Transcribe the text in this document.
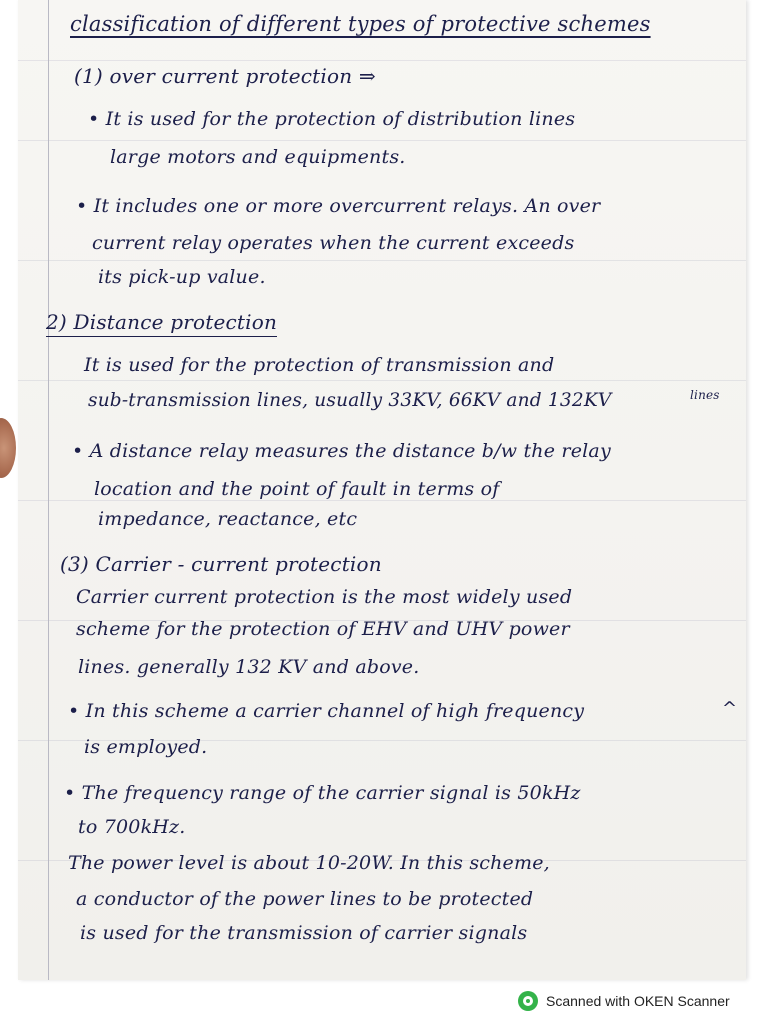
classification of different types of protective schemes
(1) over current protection ⇒
• It is used for the protection of distribution lines
large motors and equipments.
• It includes one or more overcurrent relays. An over
current relay operates when the current exceeds
its pick-up value.
2) Distance protection
It is used for the protection of transmission and
sub-transmission lines, usually 33KV, 66KV and 132KV	lines
• A distance relay measures the distance b/w the relay
location and the point of fault in terms of
impedance, reactance, etc
(3) Carrier - current protection
Carrier current protection is the most widely used
scheme for the protection of EHV and UHV power
lines. generally 132 KV and above.
• In this scheme a carrier channel of high frequency
is employed.
• The frequency range of the carrier signal is 50kHz
to 700kHz.
The power level is about 10-20W. In this scheme,
a conductor of the power lines to be protected
is used for the transmission of carrier signals
^
Scanned with OKEN Scanner
